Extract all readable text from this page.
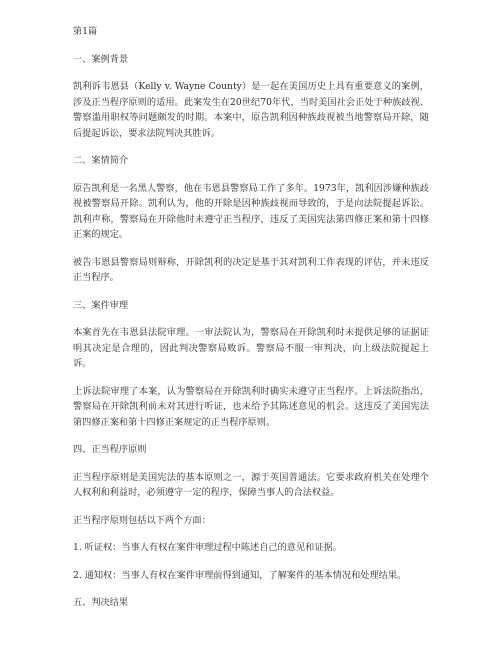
第1篇

一、案例背景

凯利诉韦恩县（Kelly v. Wayne County）是一起在美国历史上具有重要意义的案例，涉及正当程序原则的适用。此案发生在20世纪70年代，当时美国社会正处于种族歧视、警察滥用职权等问题颇发的时期。本案中，原告凯利因种族歧视被当地警察局开除，随后提起诉讼，要求法院判决其胜诉。

二、案情简介

原告凯利是一名黑人警察，他在韦恩县警察局工作了多年。1973年，凯利因涉嫌种族歧视被警察局开除。凯利认为，他的开除是因种族歧视而导致的，于是向法院提起诉讼。凯利声称，警察局在开除他时未遵守正当程序，违反了美国宪法第四修正案和第十四修正案的规定。

被告韦恩县警察局则辩称，开除凯利的决定是基于其对凯利工作表现的评估，并未违反正当程序。

三、案件审理

本案首先在韦恩县法院审理。一审法院认为，警察局在开除凯利时未提供足够的证据证明其决定是合理的，因此判决警察局败诉。警察局不服一审判决，向上级法院提起上诉。

上诉法院审理了本案，认为警察局在开除凯利时确实未遵守正当程序。上诉法院指出，警察局在开除凯利前未对其进行听证，也未给予其陈述意见的机会。这违反了美国宪法第四修正案和第十四修正案规定的正当程序原则。

四、正当程序原则

正当程序原则是美国宪法的基本原则之一，源于英国普通法。它要求政府机关在处理个人权利和利益时，必须遵守一定的程序，保障当事人的合法权益。

正当程序原则包括以下两个方面：

1. 听证权：当事人有权在案件审理过程中陈述自己的意见和证据。

2. 通知权：当事人有权在案件审理前得到通知，了解案件的基本情况和处理结果。

五、判决结果
